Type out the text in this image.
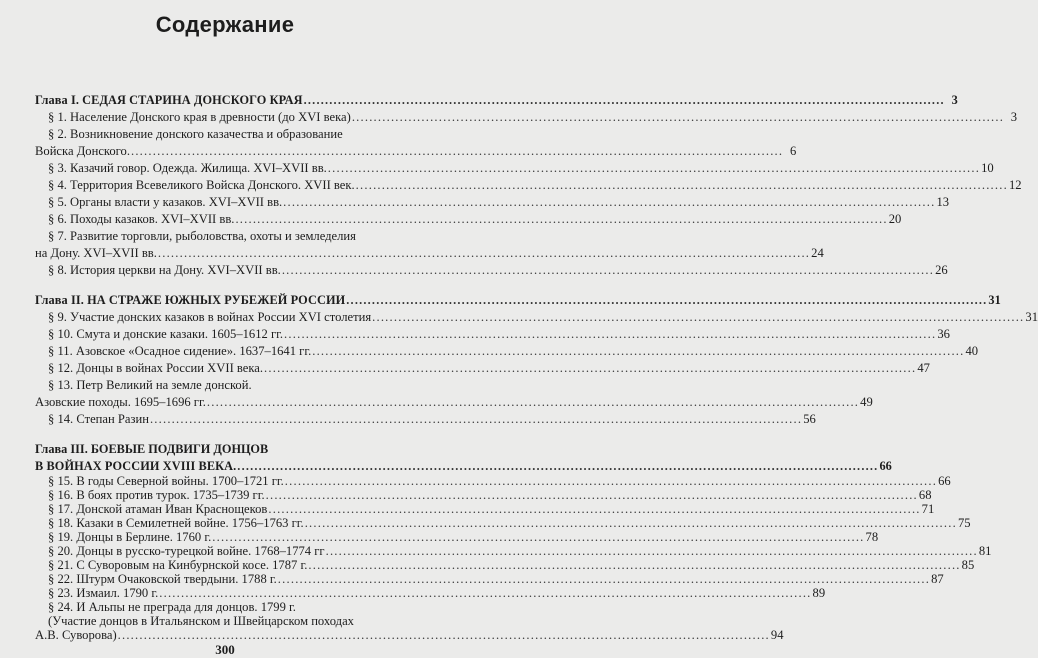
Содержание
Глава I. СЕДАЯ СТАРИНА ДОНСКОГО КРАЯ .....	3
§ 1. Население Донского края в древности (до XVI века) .....	3
§ 2. Возникновение донского казачества и образование
Войска Донского. .....	6
§ 3. Казачий говор. Одежда. Жилища. XVI–XVII вв. .....	10
§ 4. Территория Всевеликого Войска Донского. XVII век. .....	12
§ 5. Органы власти у казаков. XVI–XVII вв. .....	13
§ 6. Походы казаков. XVI–XVII вв. .....	20
§ 7. Развитие торговли, рыболовства, охоты и земледелия
на Дону. XVI–XVII вв. .....	24
§ 8. История церкви на Дону. XVI–XVII вв. .....	26
Глава II. НА СТРАЖЕ ЮЖНЫХ РУБЕЖЕЙ РОССИИ .....	31
§ 9. Участие донских казаков в войнах России XVI столетия .....	31
§ 10. Смута и донские казаки. 1605–1612 гг. .....	36
§ 11. Азовское «Осадное сидение». 1637–1641 гг. .....	40
§ 12. Донцы в войнах России XVII века. .....	47
§ 13. Петр Великий на земле донской.
Азовские походы. 1695–1696 гг. .....	49
§ 14. Степан Разин .....	56
Глава III. БОЕВЫЕ ПОДВИГИ ДОНЦОВ
В ВОЙНАХ РОССИИ XVIII ВЕКА. .....	66
§ 15. В годы Северной войны. 1700–1721 гг. .....	66
§ 16. В боях против турок. 1735–1739 гг. .....	68
§ 17. Донской атаман Иван Краснощеков .....	71
§ 18. Казаки в Семилетней войне. 1756–1763 гг. .....	75
§ 19. Донцы в Берлине. 1760 г. .....	78
§ 20. Донцы в русско-турецкой войне. 1768–1774 гг .....	81
§ 21. С Суворовым на Кинбурнской косе. 1787 г. .....	85
§ 22. Штурм Очаковской твердыни. 1788 г. .....	87
§ 23. Измаил. 1790 г. .....	89
§ 24. И Альпы не преграда для донцов. 1799 г.
(Участие донцов в Итальянском и Швейцарском походах
А.В. Суворова) .....	94
300
